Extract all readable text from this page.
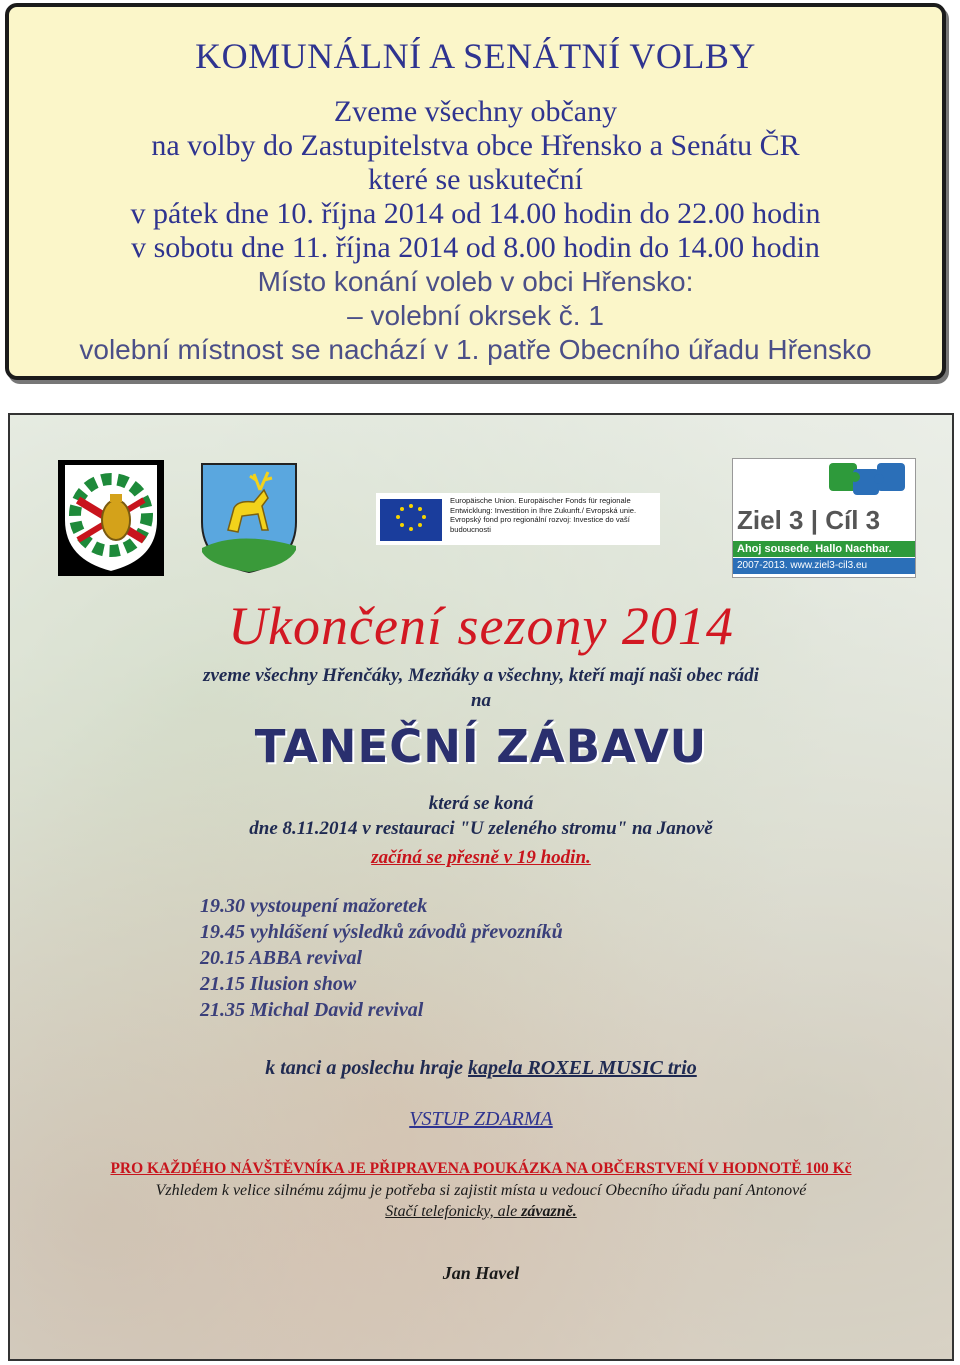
KOMUNÁLNÍ A SENÁTNÍ VOLBY
Zveme všechny občany
na volby do Zastupitelstva obce Hřensko a Senátu ČR
které se uskuteční
v pátek dne 10. října 2014 od 14.00 hodin do 22.00 hodin
v sobotu dne 11. října 2014 od 8.00 hodin do 14.00 hodin
Místo konání voleb v obci Hřensko:
– volební okrsek č. 1
volební místnost se nachází v 1. patře Obecního úřadu Hřensko
Europäische Union. Europäischer Fonds für regionale Entwicklung: Investition in Ihre Zukunft./ Evropská unie. Evropský fond pro regionální rozvoj: Investice do vaší budoucnosti	Ziel 3 | Cíl 3
Ahoj sousede. Hallo Nachbar.
2007-2013. www.ziel3-cil3.eu
Ukončení sezony 2014
zveme všechny Hřenčáky, Mezňáky a všechny, kteří mají naši obec rádi
na
TANEČNÍ ZÁBAVU
která se koná
dne 8.11.2014 v restauraci "U zeleného stromu" na Janově
začíná se přesně v 19 hodin.
19.30 vystoupení mažoretek
19.45 vyhlášení výsledků závodů převozníků
20.15 ABBA revival
21.15 Ilusion show
21.35 Michal David revival
k tanci a poslechu hraje kapela ROXEL MUSIC trio
VSTUP ZDARMA
PRO KAŽDÉHO NÁVŠTĚVNÍKA JE PŘIPRAVENA POUKÁZKA NA OBČERSTVENÍ V HODNOTĚ 100 Kč
Vzhledem k velice silnému zájmu je potřeba si zajistit místa u vedoucí Obecního úřadu paní Antonové
Stačí telefonicky, ale závazně.
Jan Havel
